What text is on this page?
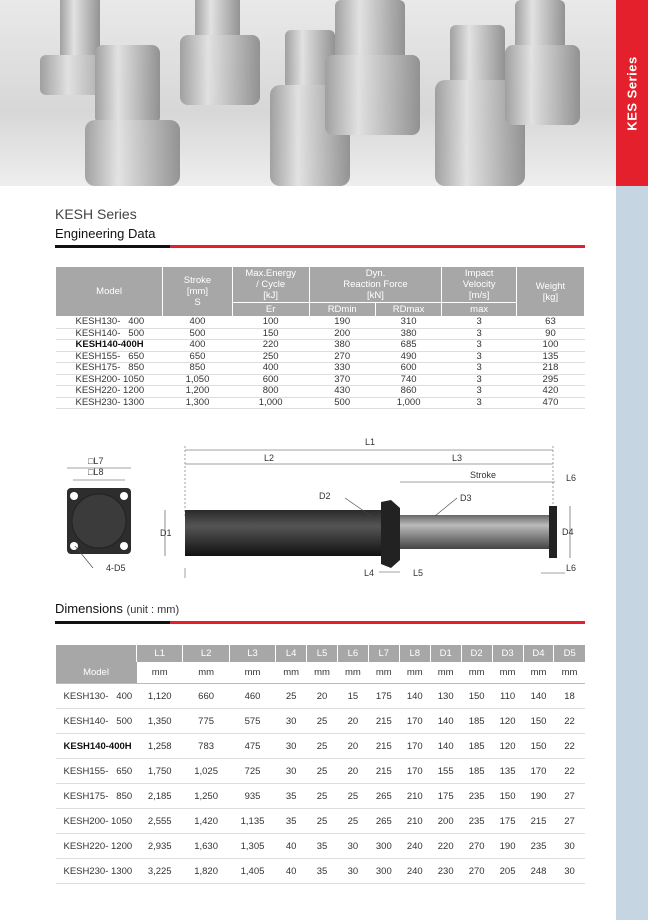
KES Series
KESH Series
Engineering Data
Model	Stroke
[mm]
S	Max.Energy
/ Cycle
[kJ]	Dyn.
Reaction Force
[kN]		Impact
Velocity
[m/s]	Weight
[kg]
		Er	RDmin	RDmax	max	
KESH130-   400	400	100	190	310	3	63
KESH140-   500	500	150	200	380	3	90
KESH140-400H	400	220	380	685	3	100
KESH155-   650	650	250	270	490	3	135
KESH175-   850	850	400	330	600	3	218
KESH200- 1050	1,050	600	370	740	3	295
KESH220- 1200	1,200	800	430	860	3	420
KESH230- 1300	1,300	1,000	500	1,000	3	470
□L7
□L8
4-D5
D1
L1
L2	L3
Stroke	L6
D2	D3
D4
L4	L5	L6
Dimensions (unit : mm)
	L1	L2	L3	L4	L5	L6	L7	L8	D1	D2	D3	D4	D5
Model	mm	mm	mm	mm	mm	mm	mm	mm	mm	mm	mm	mm	mm
KESH130-   400	1,120	660	460	25	20	15	175	140	130	150	110	140	18
KESH140-   500	1,350	775	575	30	25	20	215	170	140	185	120	150	22
KESH140-400H	1,258	783	475	30	25	20	215	170	140	185	120	150	22
KESH155-   650	1,750	1,025	725	30	25	20	215	170	155	185	135	170	22
KESH175-   850	2,185	1,250	935	35	25	25	265	210	175	235	150	190	27
KESH200- 1050	2,555	1,420	1,135	35	25	25	265	210	200	235	175	215	27
KESH220- 1200	2,935	1,630	1,305	40	35	30	300	240	220	270	190	235	30
KESH230- 1300	3,225	1,820	1,405	40	35	30	300	240	230	270	205	248	30
